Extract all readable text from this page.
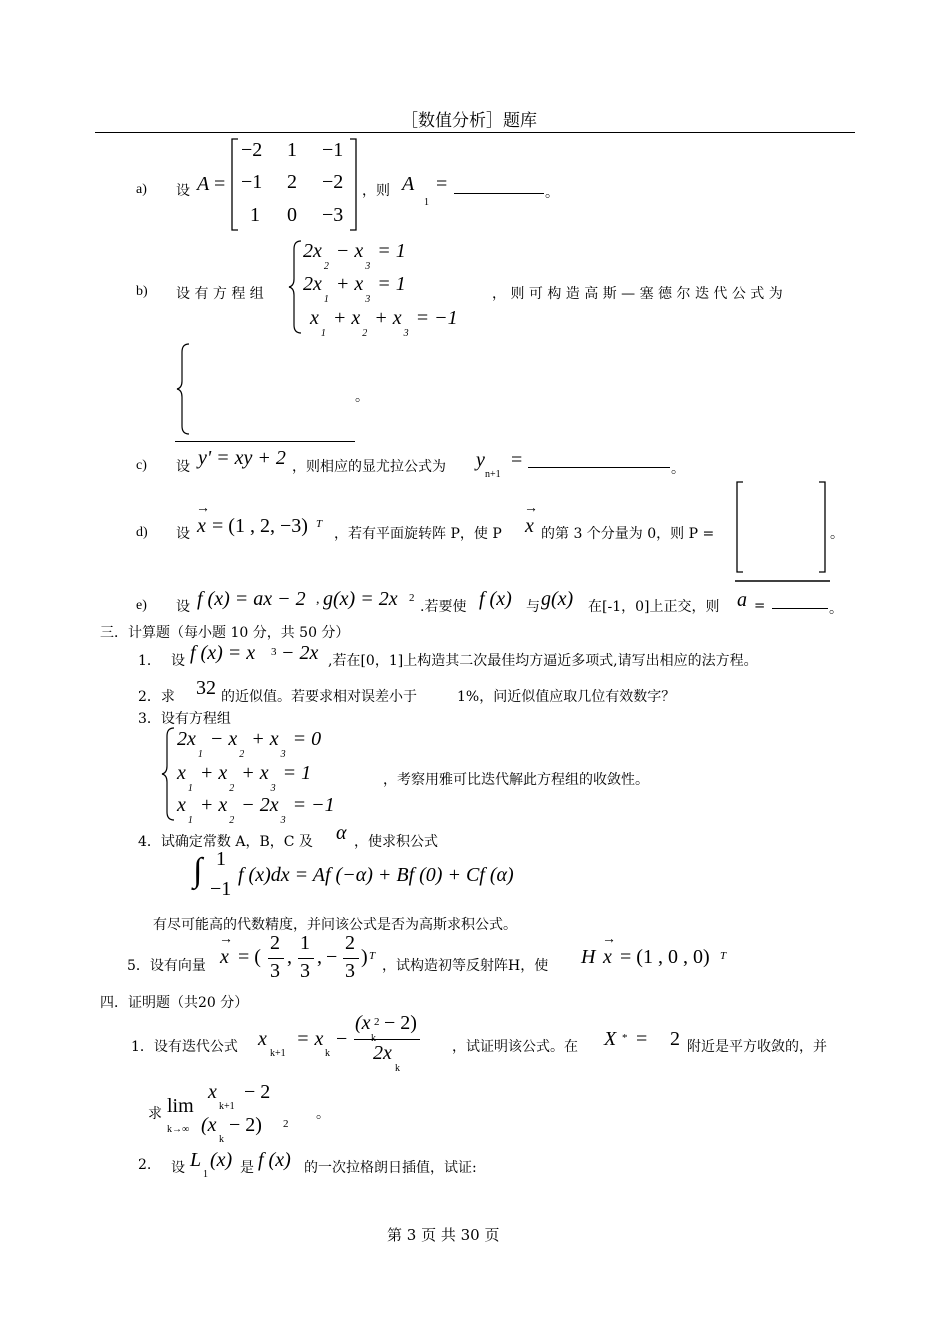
［数值分析］题库
a) 设 A =
−2 1 −1
−1 2 −2
1 0 −3
，则 A
1
=	。
b) 设 有 方 程 组
$2x_2 - x_3 = 1$
$2x_1 + x_3 = 1$
$x_1 + x_2 + x_3 = -1$
， 则 可 构 造 高 斯 — 塞 德 尔 迭 代 公 式 为
。
c) 设 y' = xy + 2 ，则相应的显尤拉公式为 y
n+1
=	。
d) 设 x
→
= (1 , 2, −3) T
，若有平面旋转阵 P，使 P x
→
的第 3 个分量为 0，则 P =	。
e) 设 f (x) = ax − 2 , g(x) = 2x 2
.若要使 f (x) 与 g(x) 在[-1，0]上正交，则 a =	。
三．计算题（每小题 10 分，共 50 分）
1． 设 f (x) = x 3 − 2x ,若在[0，1]上构造其二次最佳均方逼近多项式,请写出相应的法方程。
2．求 32 的近似值。若要求相对误差小于	1%，问近似值应取几位有效数字？
3．设有方程组
$2x_1 - x_2 + x_3 = 0$
$x_1 + x_2 + x_3 = 1$
$x_1 + x_2 - 2x_3 = -1$
，考察用雅可比迭代解此方程组的收敛性。
4．试确定常数 A，B，C 及 α ，使求积公式
∫ 1
−1
f (x)dx = Af (−α) + Bf (0) + Cf (α)
有尽可能高的代数精度，并问该公式是否为高斯求积公式。
5．设有向量 x
→
= (
2
3
,
1
3
, −
2
3
) T
，试构造初等反射阵H，使 H x
→
= (1 , 0 , 0) T
四．证明题（共20 分）
1．设有迭代公式 x
k+1
= x
k
−
(x 2
k
− 2)
2x
k
，试证明该公式。在 X * = 2 附近是平方收敛的，并
求 lim
k→∞
x
k+1
− 2
(x
k
− 2) 2
。
2. 设 L
1
(x) 是 f (x) 的一次拉格朗日插值，试证:
第 3 页 共 30 页
